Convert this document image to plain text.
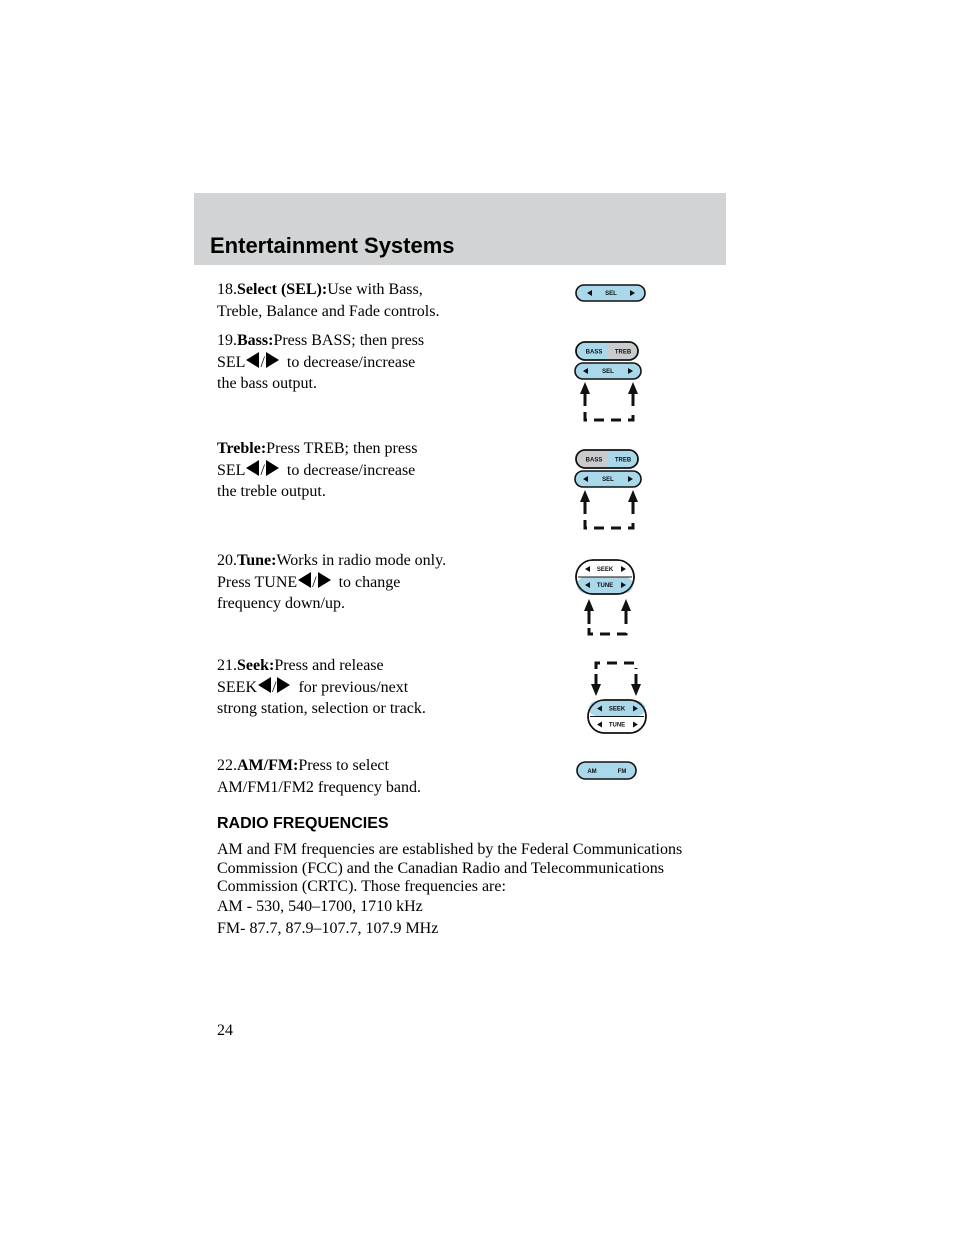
Entertainment Systems
18.Select (SEL):Use with Bass,
Treble, Balance and Fade controls.
19.Bass:Press BASS; then press
SEL / to decrease/increase
the bass output.
Treble:Press TREB; then press
SEL / to decrease/increase
the treble output.
20.Tune:Works in radio mode only.
Press TUNE / to change
frequency down/up.
21.Seek:Press and release
SEEK / for previous/next
strong station, selection or track.
22.AM/FM:Press to select
AM/FM1/FM2 frequency band.
SEL
BASS TREB
SEL
BASS TREB
SEL
SEEK
TUNE
SEEK
TUNE
AM	FM
RADIO FREQUENCIES
AM and FM frequencies are established by the Federal Communications
Commission (FCC) and the Canadian Radio and Telecommunications
Commission (CRTC). Those frequencies are:
AM - 530, 540–1700, 1710 kHz
FM- 87.7, 87.9–107.7, 107.9 MHz
24
